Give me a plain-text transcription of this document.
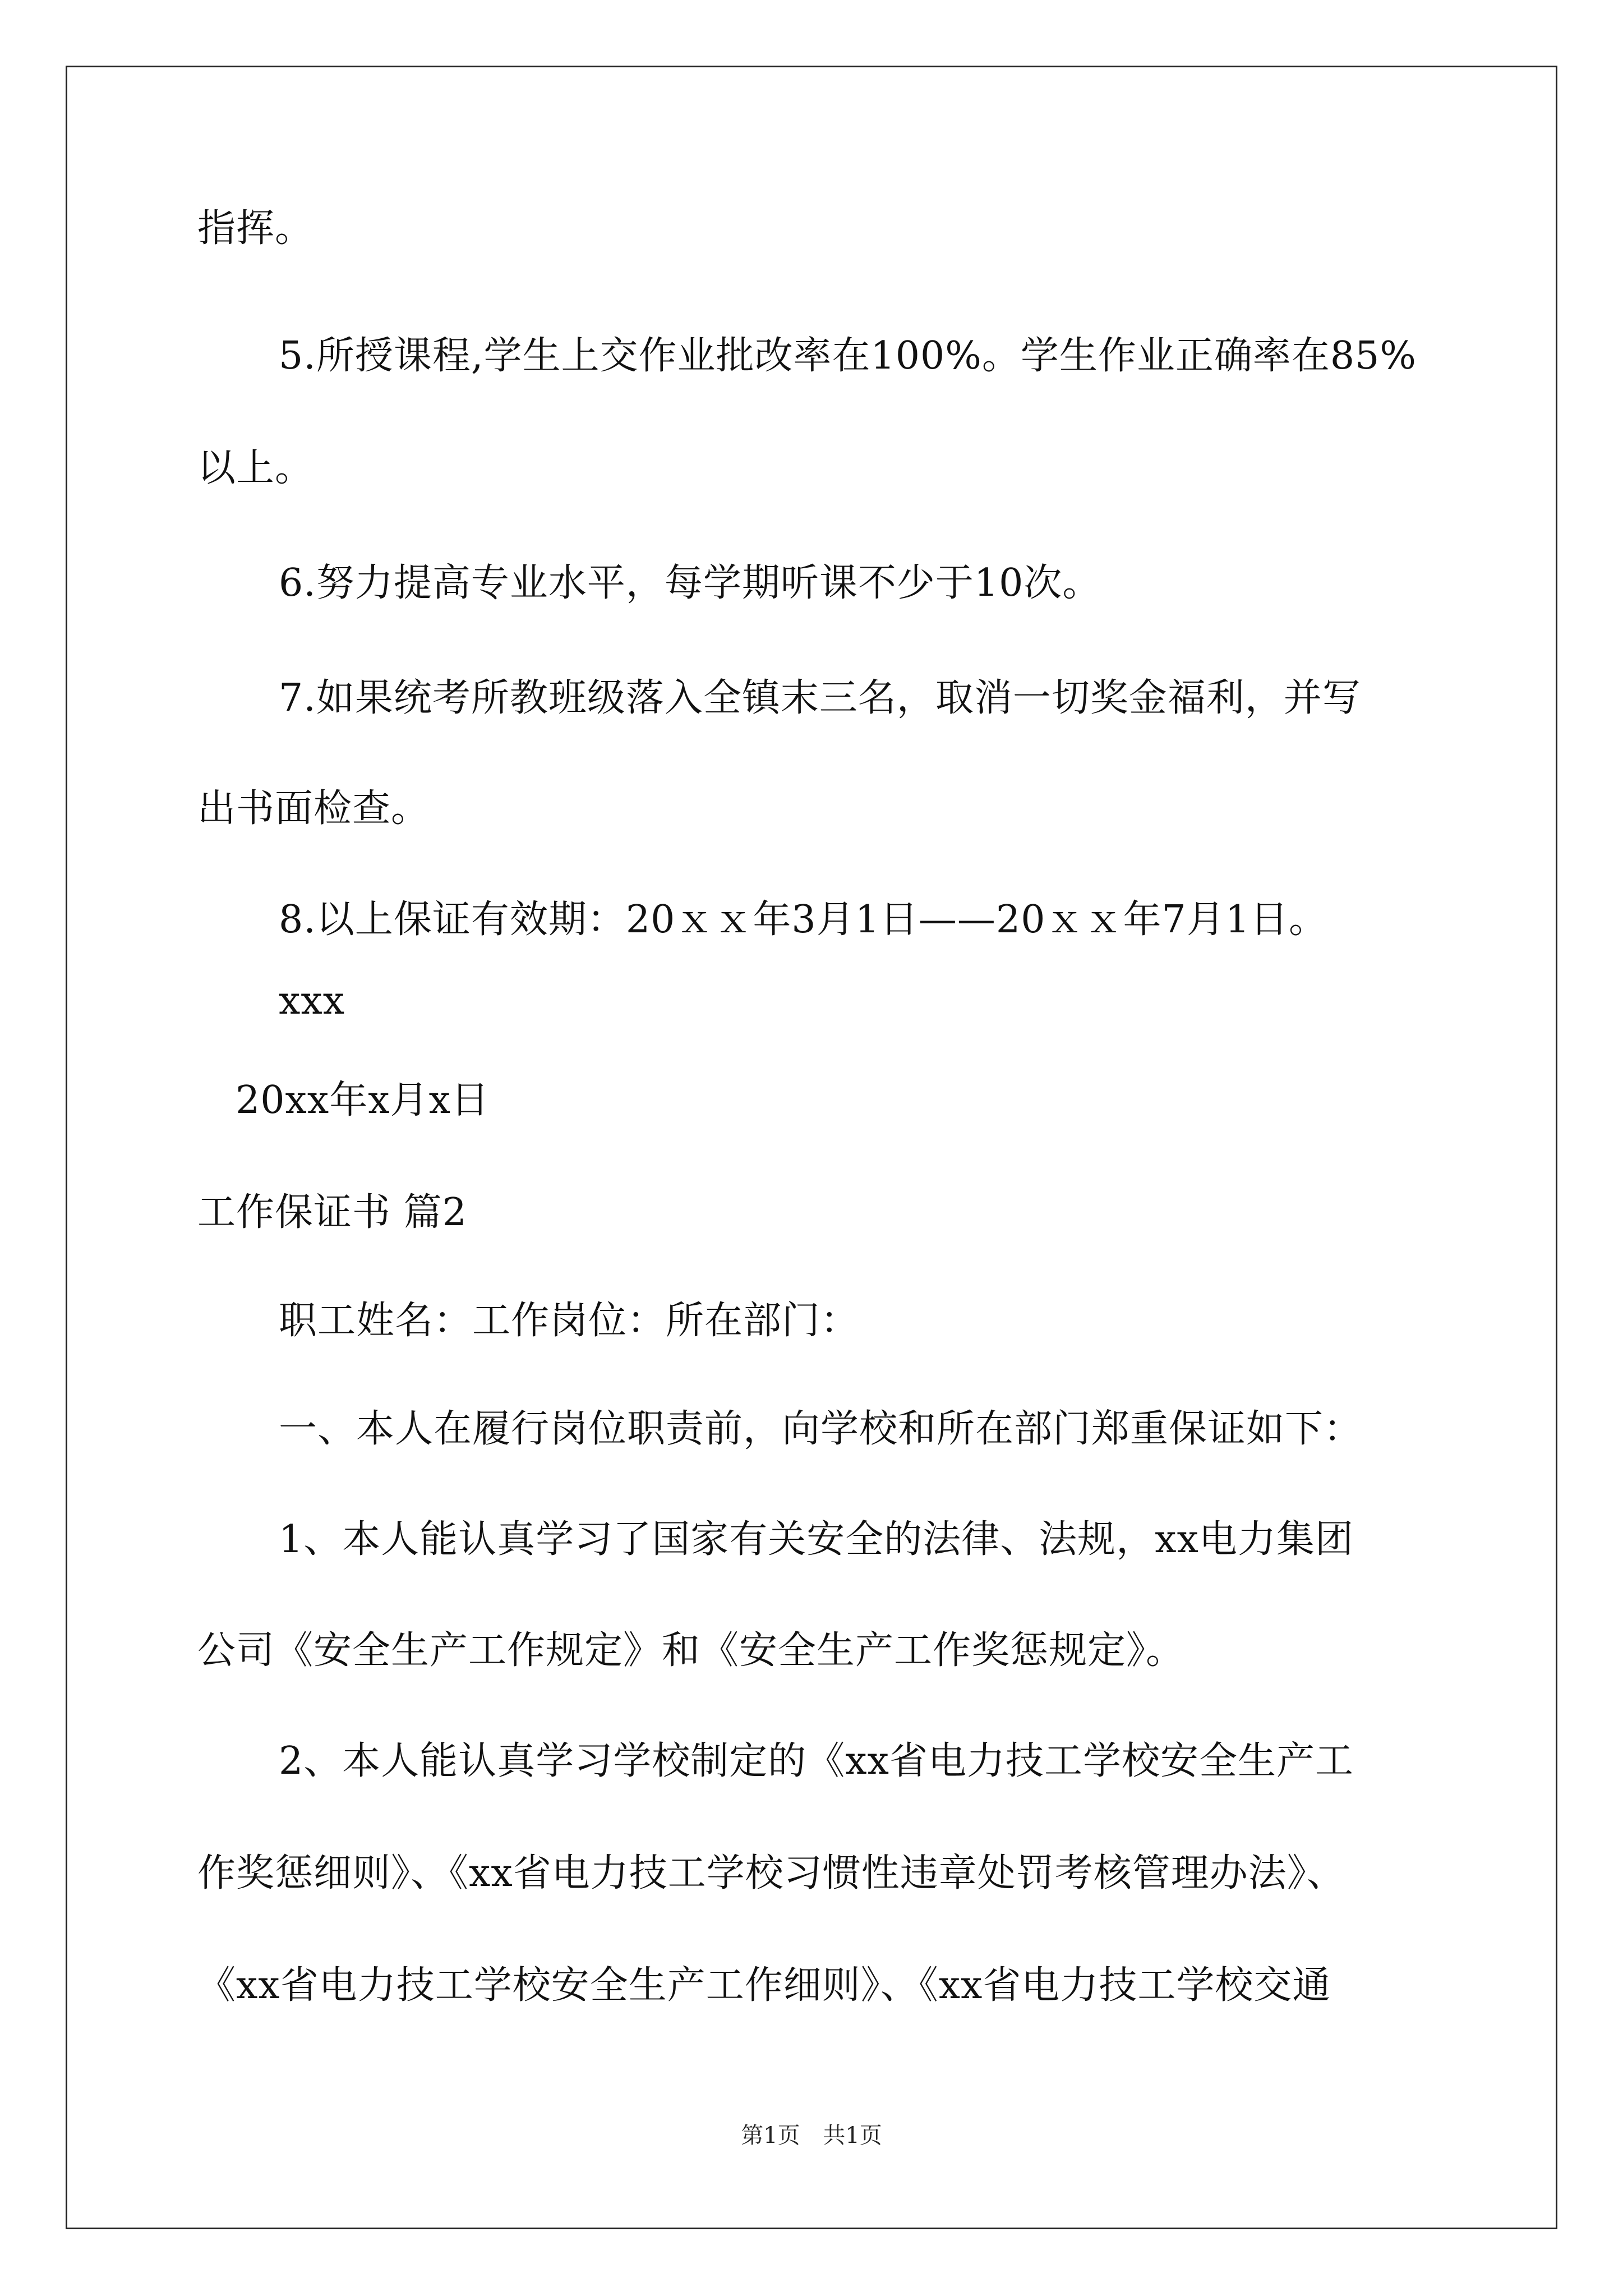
指挥。
5.所授课程,学生上交作业批改率在100%。学生作业正确率在85%
以上。
6.努力提高专业水平，每学期听课不少于10次。
7.如果统考所教班级落入全镇末三名，取消一切奖金福利，并写
出书面检查。
8.以上保证有效期：20ｘｘ年3月1日——20ｘｘ年7月1日。
xxx
20xx年x月x日
工作保证书 篇2
职工姓名：工作岗位：所在部门：
一、本人在履行岗位职责前，向学校和所在部门郑重保证如下：
1、本人能认真学习了国家有关安全的法律、法规，xx电力集团
公司《安全生产工作规定》和《安全生产工作奖惩规定》。
2、本人能认真学习学校制定的《xx省电力技工学校安全生产工
作奖惩细则》、《xx省电力技工学校习惯性违章处罚考核管理办法》、
《xx省电力技工学校安全生产工作细则》、《xx省电力技工学校交通
第1页 共1页
